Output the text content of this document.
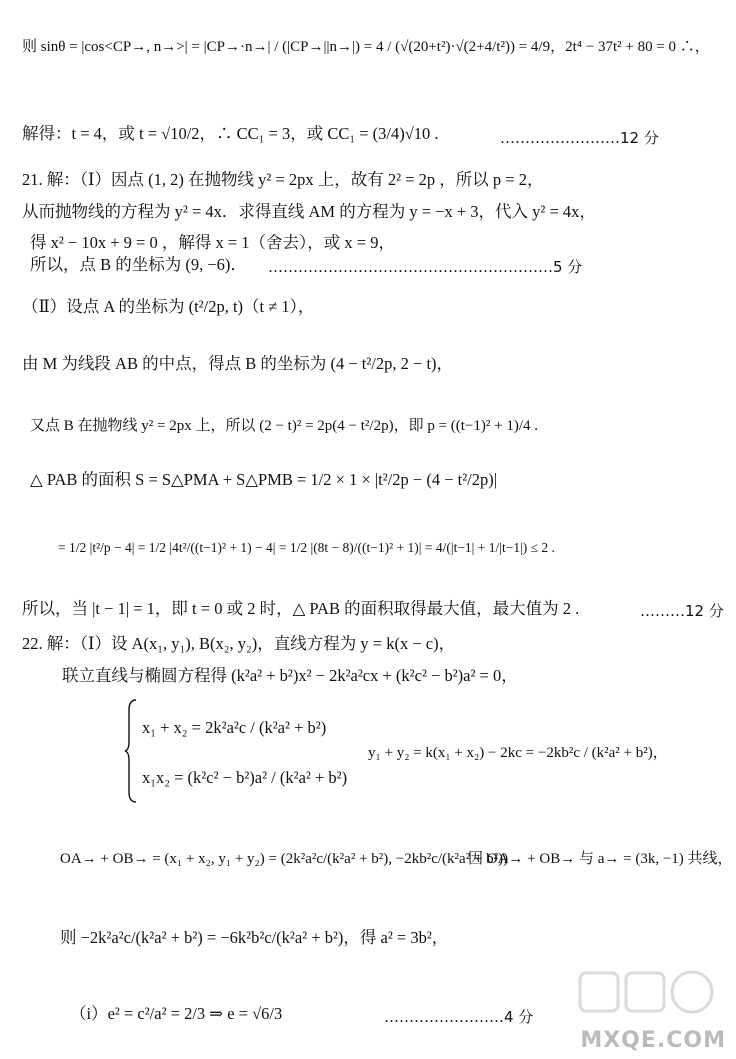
则 sinθ = |cos<CP→, n→>| = |CP→·n→| / (|CP→||n→|) = 4 / (√(20+t²)·√(2+4/t²)) = 4/9，2t⁴ − 37t² + 80 = 0 ∴，
解得：t = 4，或 t = √10/2，∴ CC₁ = 3，或 CC₁ = (3/4)√10 .	……………………12 分
21. 解：（Ⅰ）因点 (1, 2) 在抛物线 y² = 2px 上，故有 2² = 2p ，所以 p = 2，
从而抛物线的方程为 y² = 4x．求得直线 AM 的方程为 y = −x + 3，代入 y² = 4x，
得 x² − 10x + 9 = 0 ，解得 x = 1（舍去），或 x = 9，
所以，点 B 的坐标为 (9, −6)． …………………………………………………5 分
（Ⅱ）设点 A 的坐标为 (t²/2p, t)（t ≠ 1），
由 M 为线段 AB 的中点，得点 B 的坐标为 (4 − t²/2p, 2 − t)，
又点 B 在抛物线 y² = 2px 上，所以 (2 − t)² = 2p(4 − t²/2p)，即 p = ((t−1)² + 1)/4 .
△ PAB 的面积 S = S△PMA + S△PMB = 1/2 × 1 × |t²/2p − (4 − t²/2p)|
= 1/2 |t²/p − 4| = 1/2 |4t²/((t−1)² + 1) − 4| = 1/2 |(8t − 8)/((t−1)² + 1)| = 4/(|t−1| + 1/|t−1|) ≤ 2 .
所以，当 |t − 1| = 1，即 t = 0 或 2 时，△ PAB 的面积取得最大值，最大值为 2 .	………12 分
22. 解：（Ⅰ）设 A(x₁, y₁), B(x₂, y₂)，直线方程为 y = k(x − c)，
联立直线与椭圆方程得 (k²a² + b²)x² − 2k²a²cx + (k²c² − b²)a² = 0，
x₁ + x₂ = 2k²a²c / (k²a² + b²)
x₁x₂ = (k²c² − b²)a² / (k²a² + b²)
y₁ + y₂ = k(x₁ + x₂) − 2kc = −2kb²c / (k²a² + b²)，
OA→ + OB→ = (x₁ + x₂, y₁ + y₂) = (2k²a²c/(k²a² + b²), −2kb²c/(k²a² + b²))
因 OA→ + OB→ 与 a→ = (3k, −1) 共线，
则 −2k²a²c/(k²a² + b²) = −6k²b²c/(k²a² + b²)，得 a² = 3b²，
（i）e² = c²/a² = 2/3 ⇒ e = √6/3	……………………4 分
MXQE.COM
